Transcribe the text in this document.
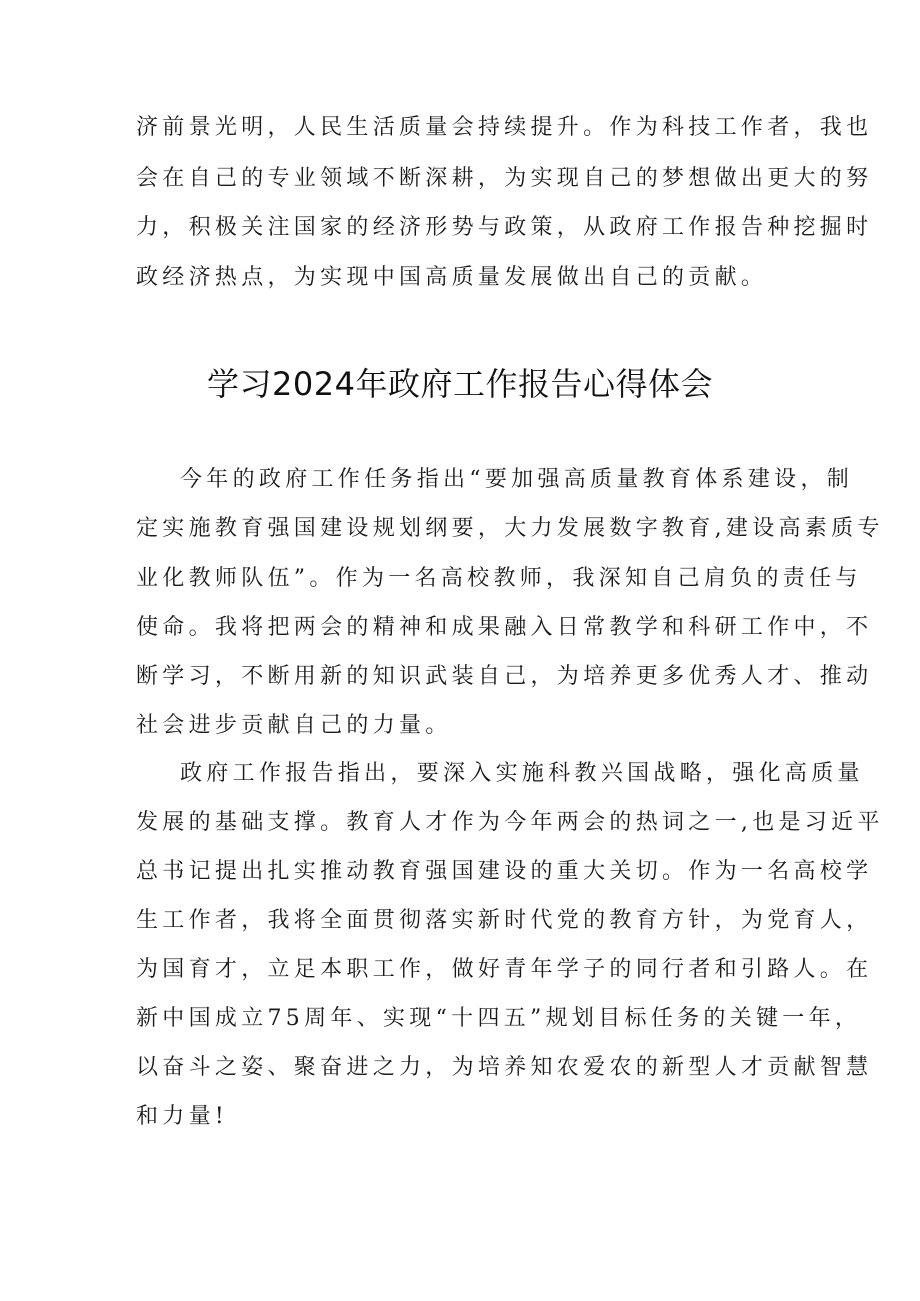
济前景光明，人民生活质量会持续提升。作为科技工作者，我也

会在自己的专业领域不断深耕，为实现自己的梦想做出更大的努

力，积极关注国家的经济形势与政策，从政府工作报告种挖掘时

政经济热点，为实现中国高质量发展做出自己的贡献。

学习2024年政府工作报告心得体会

今年的政府工作任务指出“要加强高质量教育体系建设，制

定实施教育强国建设规划纲要，大力发展数字教育,建设高素质专

业化教师队伍”。作为一名高校教师，我深知自己肩负的责任与

使命。我将把两会的精神和成果融入日常教学和科研工作中，不

断学习，不断用新的知识武装自己，为培养更多优秀人才、推动

社会进步贡献自己的力量。

政府工作报告指出，要深入实施科教兴国战略，强化高质量

发展的基础支撑。教育人才作为今年两会的热词之一,也是习近平

总书记提出扎实推动教育强国建设的重大关切。作为一名高校学

生工作者，我将全面贯彻落实新时代党的教育方针，为党育人，

为国育才，立足本职工作，做好青年学子的同行者和引路人。在

新中国成立75周年、实现“十四五”规划目标任务的关键一年，

以奋斗之姿、聚奋进之力，为培养知农爱农的新型人才贡献智慧

和力量!
